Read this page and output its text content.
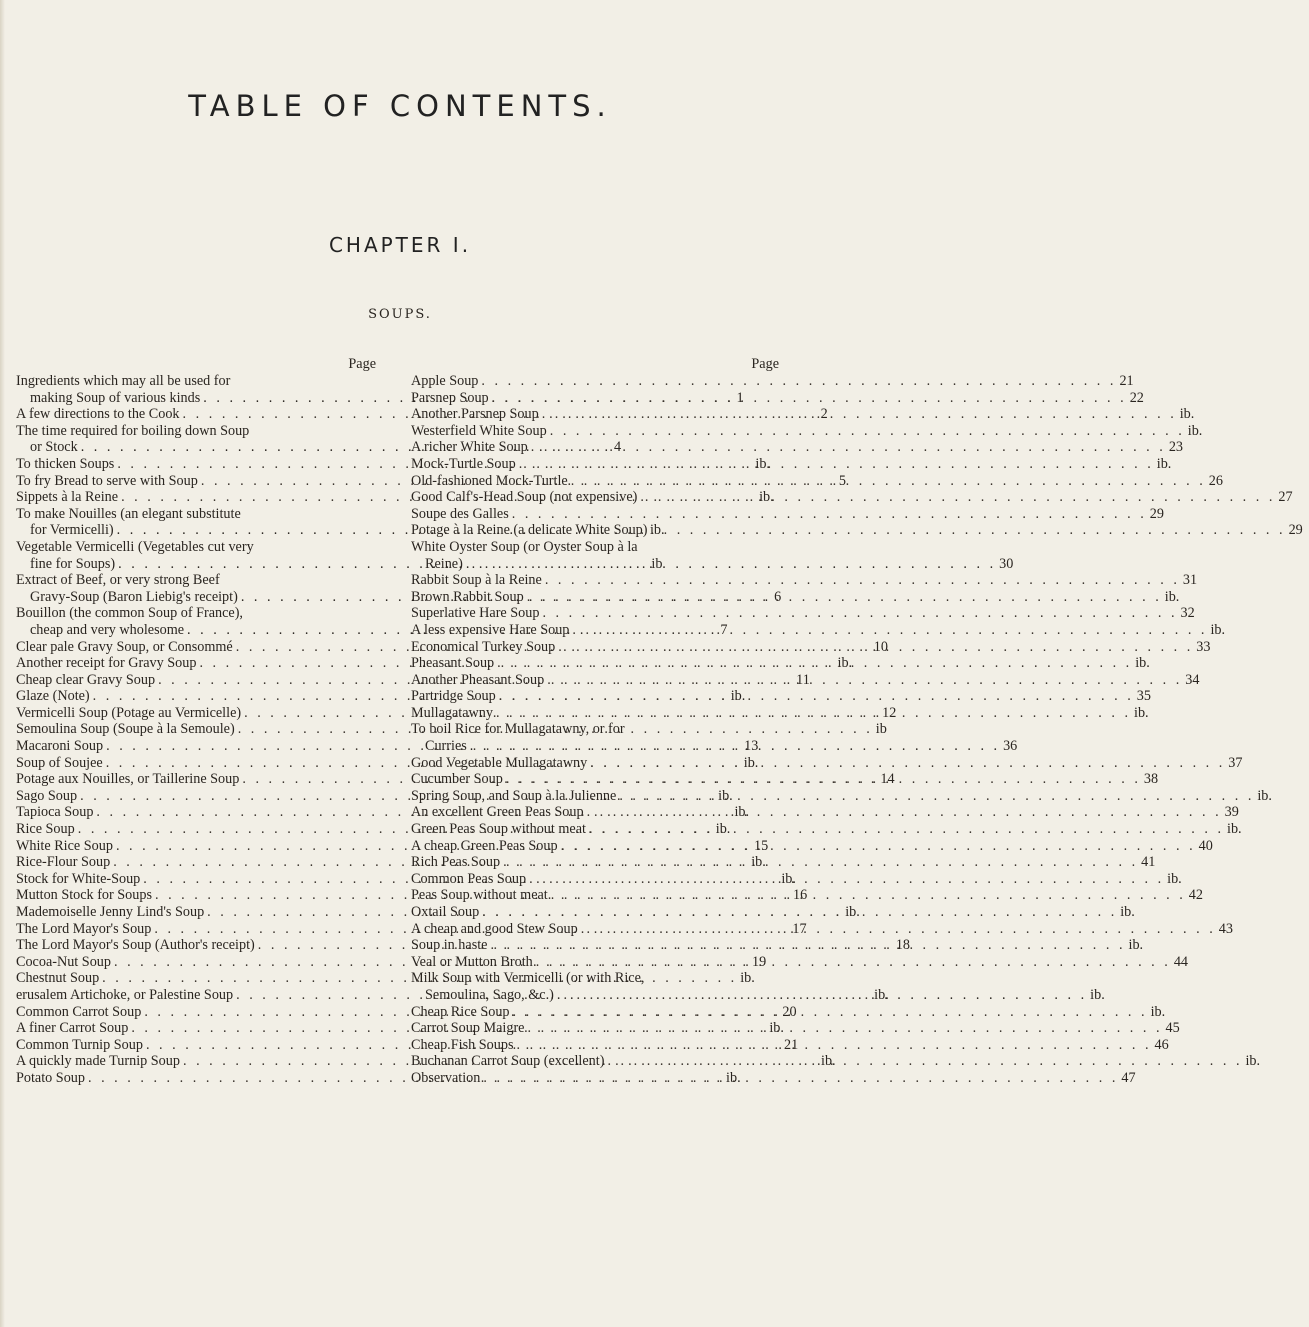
TABLE OF CONTENTS.
CHAPTER I.
SOUPS.
Page
Ingredients which may all be used for
making Soup of various kinds . . .	1
A few directions to the Cook . . .	2
The time required for boiling down Soup
or Stock . . .	4
To thicken Soups . . .	ib.
To fry Bread to serve with Soup . . .	5
Sippets à la Reine . . .	ib.
To make Nouilles (an elegant substitute
for Vermicelli) . . .	ib.
Vegetable Vermicelli (Vegetables cut very
fine for Soups) . . .	ib
Extract of Beef, or very strong Beef
Gravy-Soup (Baron Liebig's receipt) . . .	6
Bouillon (the common Soup of France),
cheap and very wholesome . . .	7
Clear pale Gravy Soup, or Consommé . . .	10
Another receipt for Gravy Soup . . .	ib.
Cheap clear Gravy Soup . . .	11
Glaze (Note) . . .	ib.
Vermicelli Soup (Potage au Vermicelle) . . .	12
Semoulina Soup (Soupe à la Semoule) . . .	ib
Macaroni Soup . . .	13
Soup of Soujee . . .	ib.
Potage aux Nouilles, or Taillerine Soup . . .	14
Sago Soup . . .	ib.
Tapioca Soup . . .	ib.
Rice Soup . . .	ib.
White Rice Soup . . .	15
Rice-Flour Soup . . .	ib.
Stock for White-Soup . . .	ib.
Mutton Stock for Soups . . .	16
Mademoiselle Jenny Lind's Soup . . .	ib.
The Lord Mayor's Soup . . .	17
The Lord Mayor's Soup (Author's receipt) . . .	18
Cocoa-Nut Soup . . .	19
Chestnut Soup . . .	ib.
erusalem Artichoke, or Palestine Soup . . .	ib.
Common Carrot Soup . . .	20
A finer Carrot Soup . . .	ib.
Common Turnip Soup . . .	21
A quickly made Turnip Soup . . .	ib.
Potato Soup . . .	ib.
Page
Apple Soup . . .	21
Parsnep Soup . . .	22
Another Parsnep Soup . . .	ib.
Westerfield White Soup . . .	ib.
A richer White Soup . . .	23
Mock-Turtle Soup . . .	ib.
Old-fashioned Mock-Turtle . . .	26
Good Calf's-Head Soup (not expensive) . . .	27
Soupe des Galles . . .	29
Potage à la Reine (a delicate White Soup) . . .	29
White Oyster Soup (or Oyster Soup à la
Reine) . . .	30
Rabbit Soup à la Reine . . .	31
Brown Rabbit Soup . . .	ib.
Superlative Hare Soup . . .	32
A less expensive Hare Soup . . .	ib.
Economical Turkey Soup . . .	33
Pheasant Soup . . .	ib.
Another Pheasant Soup . . .	34
Partridge Soup . . .	35
Mullagatawny . . .	ib.
To boil Rice for Mullagatawny, or for
Curries . . .	36
Good Vegetable Mullagatawny . . .	37
Cucumber Soup . . .	38
Spring Soup, and Soup à la Julienne . . .	ib.
An excellent Green Peas Soup . . .	39
Green Peas Soup without meat . . .	ib.
A cheap Green Peas Soup . . .	40
Rich Peas Soup . . .	41
Common Peas Soup . . .	ib.
Peas Soup without meat . . .	42
Oxtail Soup . . .	ib.
A cheap and good Stew Soup . . .	43
Soup in haste . . .	ib.
Veal or Mutton Broth . . .	44
Milk Soup with Vermicelli (or with Rice,
Semoulina, Sago, &c.) . . .	ib.
Cheap Rice Soup . . .	ib.
Carrot Soup Maigre . . .	45
Cheap Fish Soups . . .	46
Buchanan Carrot Soup (excellent) . . .	ib.
Observation . . .	47
